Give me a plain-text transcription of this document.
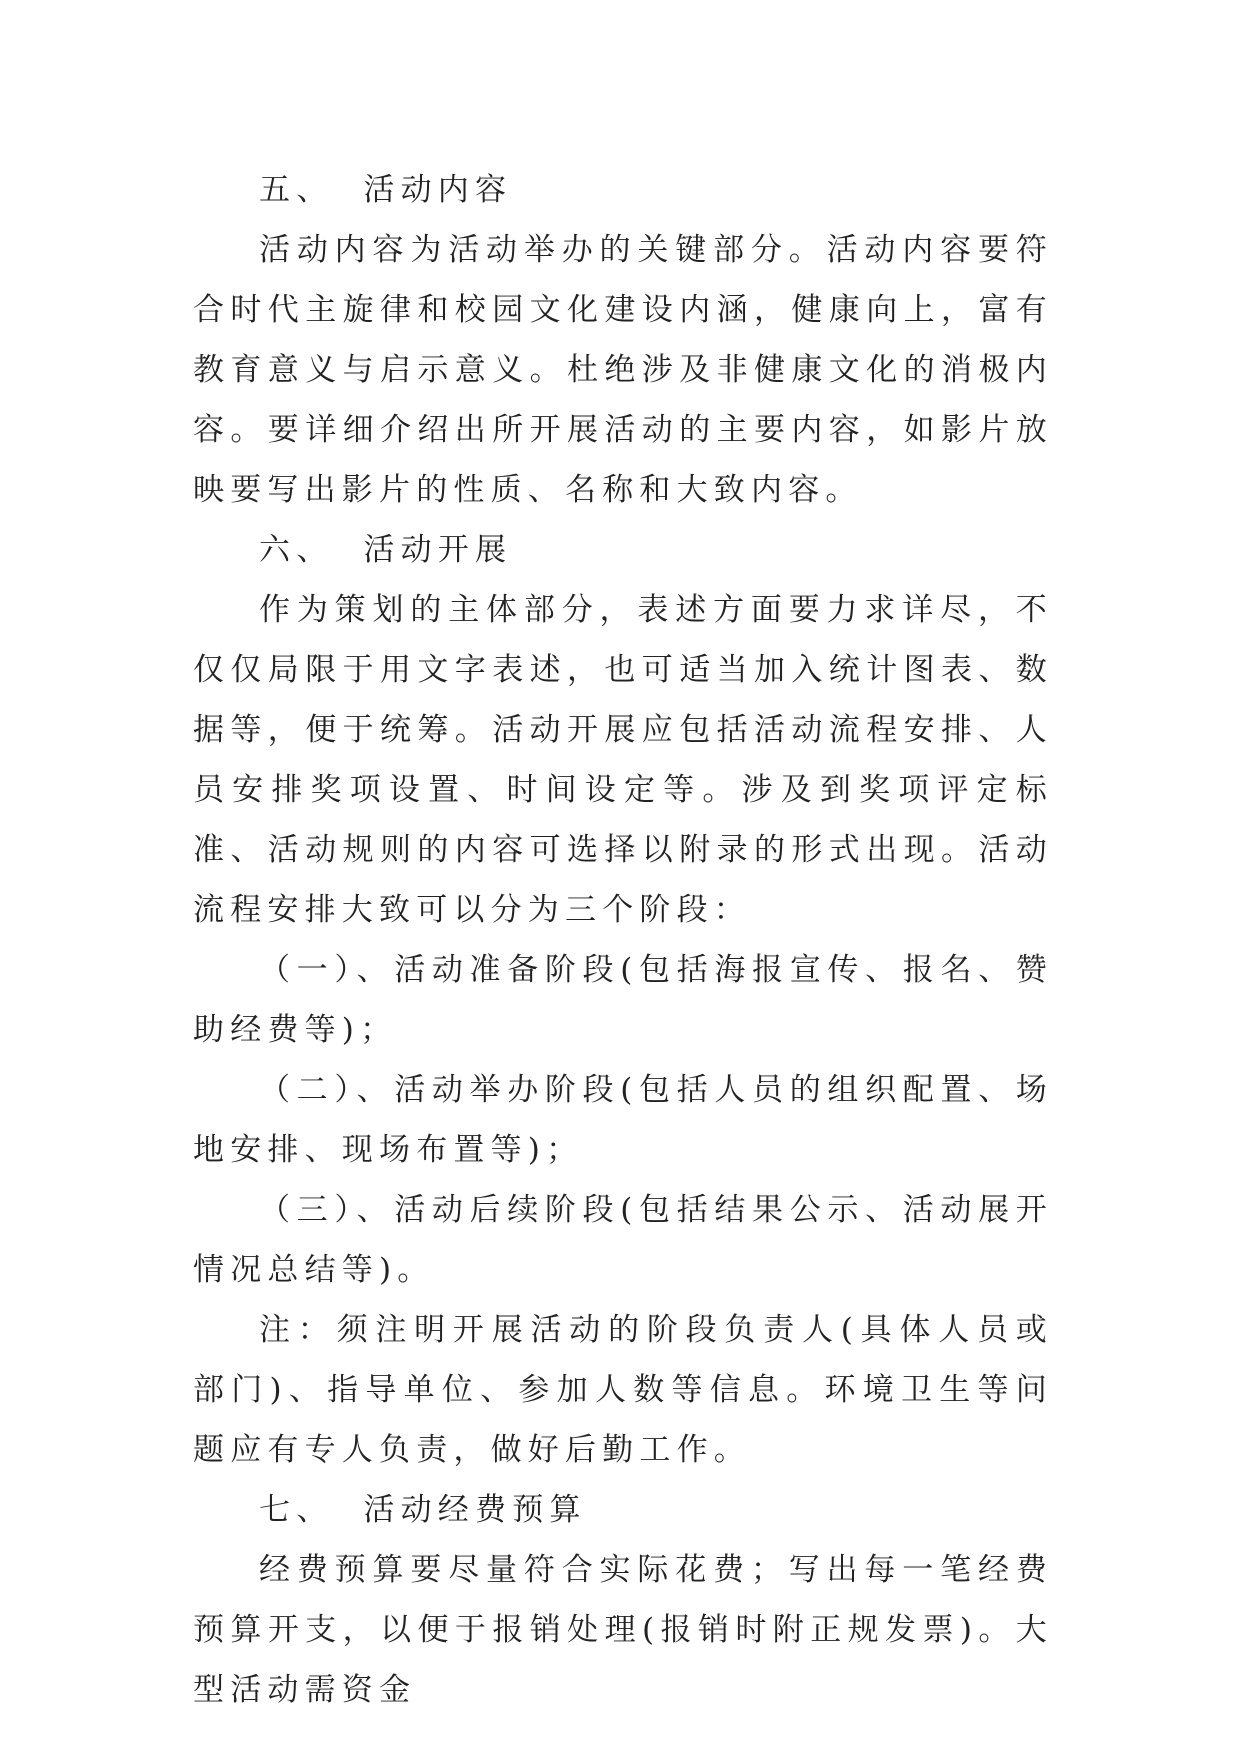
五、 活动内容

活动内容为活动举办的关键部分。活动内容要符合时代主旋律和校园文化建设内涵，健康向上，富有教育意义与启示意义。杜绝涉及非健康文化的消极内容。要详细介绍出所开展活动的主要内容，如影片放映要写出影片的性质、名称和大致内容。

六、 活动开展

作为策划的主体部分，表述方面要力求详尽，不仅仅局限于用文字表述，也可适当加入统计图表、数据等，便于统筹。活动开展应包括活动流程安排、人员安排奖项设置、时间设定等。涉及到奖项评定标准、活动规则的内容可选择以附录的形式出现。活动流程安排大致可以分为三个阶段：

（一）、活动准备阶段(包括海报宣传、报名、赞助经费等)；

（二）、活动举办阶段(包括人员的组织配置、场地安排、现场布置等)；

（三）、活动后续阶段(包括结果公示、活动展开情况总结等)。

注：须注明开展活动的阶段负责人(具体人员或部门)、指导单位、参加人数等信息。环境卫生等问题应有专人负责，做好后勤工作。

七、 活动经费预算

经费预算要尽量符合实际花费；写出每一笔经费预算开支，以便于报销处理(报销时附正规发票)。大型活动需资金
